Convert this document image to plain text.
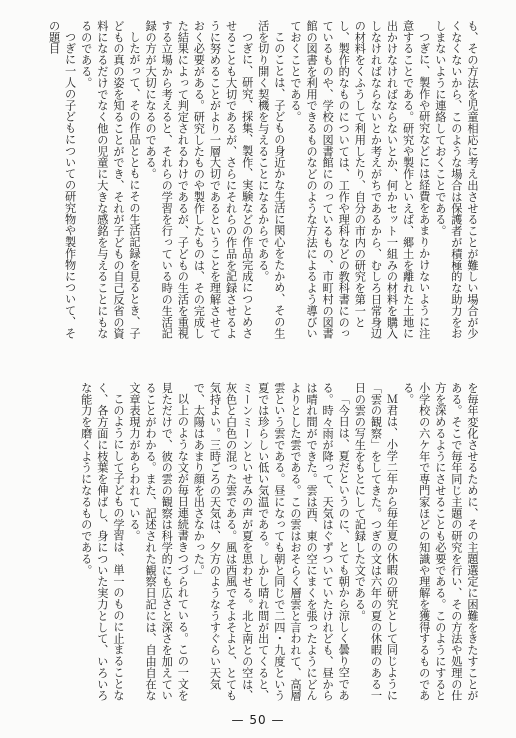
も、その方法を児童相応に考え出させることが難しい場合が少くなくないから、このような場合は保護者が積極的な助力をおしまないように連絡しておくことである。

つぎに、製作や研究などには経費をあまりかけないように注意することである。研究や製作といえば、郷土を離れた土地に出かけなければならないとか、何かセット一組みの材料を購入しなければならないとか考えがちであるから、むしろ日常身辺の材料をくふうして利用したり、自分の市内の研究を第一とし、製作的なものについては、工作や理科などの教科書にのっているものや、学校の図書館にのっているもの、市町村の図書館の図書を利用できるものなどのような方法によるよう導びいておくことである。

このことは、子どもの身近かな生活に関心をたかめ、その生活を切り開く契機を与えることになるからである。

つぎに、研究、採集、製作、実験などの作品完成につとめさせることも大切であるが、さらにそれらの作品を記録させるように努めることがより一層大切であるということを理解させておく必要がある。研究したものや製作したものは、その完成した結果によって判定されるわけであるが、子どもの生活を重視する立場から考えると、それらの学習を行っている時の生活記録の方が大切になるのである。

したがって、その作品とともにその生活記録を見るとき、子どもの真の姿を知ることができ、それが子どもの自己反省の資料になるだけでなく他の児童に大きな感銘を与えることにもなるのである。

つぎに一人の子どもについての研究物や製作物について、その題目

を毎年変化させるために、その主題選定に困難をきたすことがある。そこで毎年同じ主題の研究を行い、その方法や処理の仕方を深めるようにさせることも必要である。このようにすると小学校の六ケ年で専門家ほどの知識や理解を獲得するものである。

Ｍ君は、小学二年から毎年夏の休暇の研究として同じように「雲の観察」をしてきた。つぎの文は六年の夏の休暇のある一日の雲の写生をもとにして記録した文である。

「今日は、夏だというのに、とても朝から涼しく曇り空である。時々雨が降って、天気はぐずついていたけれども、昼からは晴れ間ができた。雲は西、東の空にまくを張ったようにどんよりとした雲である。この雲はおそらく層雲と言われて、高層雲という雲である。昼になっても朝と同じで二四・九度という夏では珍らしい低い気温である。しかし晴れ間が出てくると、ミーンミーンといせみの声が夏を思わせる。北と南との空は、灰色と白色の混った雲である。風は西風でそよそよと、とても気持よい。三時ごろの天気は、夕方のようなうすぐらい天気で、太陽はあまり顔を出さなかった。」

以上のような文が毎日連続書きつづられている。この一文を見ただけで、彼の雲の観察は科学的にも広さと深さを加えていることがわかる。また、記述された観察日記には、自由自在な文章表現力があらわれている。

このようにして子どもの学習は、単一のものに止まることなく、各方面に枝葉を伸ばし、身についた実力として、いろいろな能力を磨くようになるものである。

— 50 —
